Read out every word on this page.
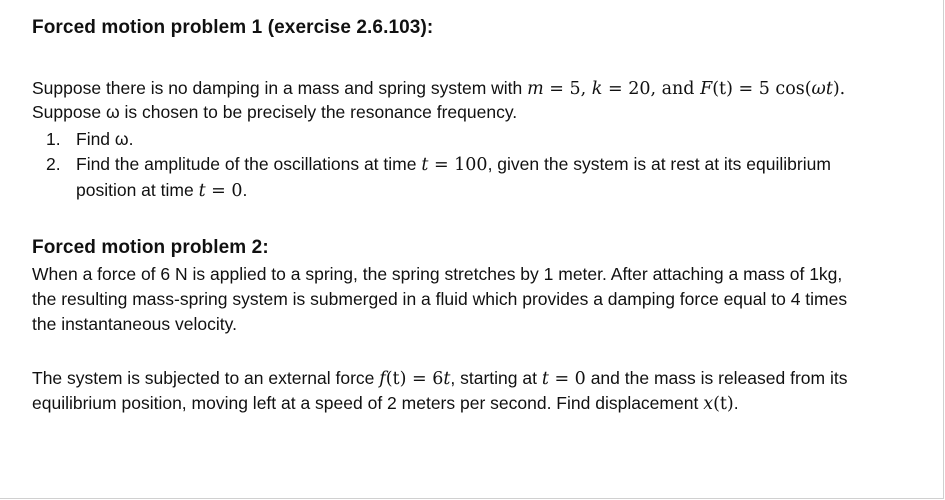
Forced motion problem 1 (exercise 2.6.103):
Suppose there is no damping in a mass and spring system with m = 5, k = 20, and F(t) = 5 cos(ωt).
Suppose ω is chosen to be precisely the resonance frequency.
1. Find ω.
2. Find the amplitude of the oscillations at time t = 100, given the system is at rest at its equilibrium
position at time t = 0.
Forced motion problem 2:
When a force of 6 N is applied to a spring, the spring stretches by 1 meter. After attaching a mass of 1kg,
the resulting mass-spring system is submerged in a fluid which provides a damping force equal to 4 times
the instantaneous velocity.
The system is subjected to an external force f(t) = 6t, starting at t = 0 and the mass is released from its
equilibrium position, moving left at a speed of 2 meters per second. Find displacement x(t).
